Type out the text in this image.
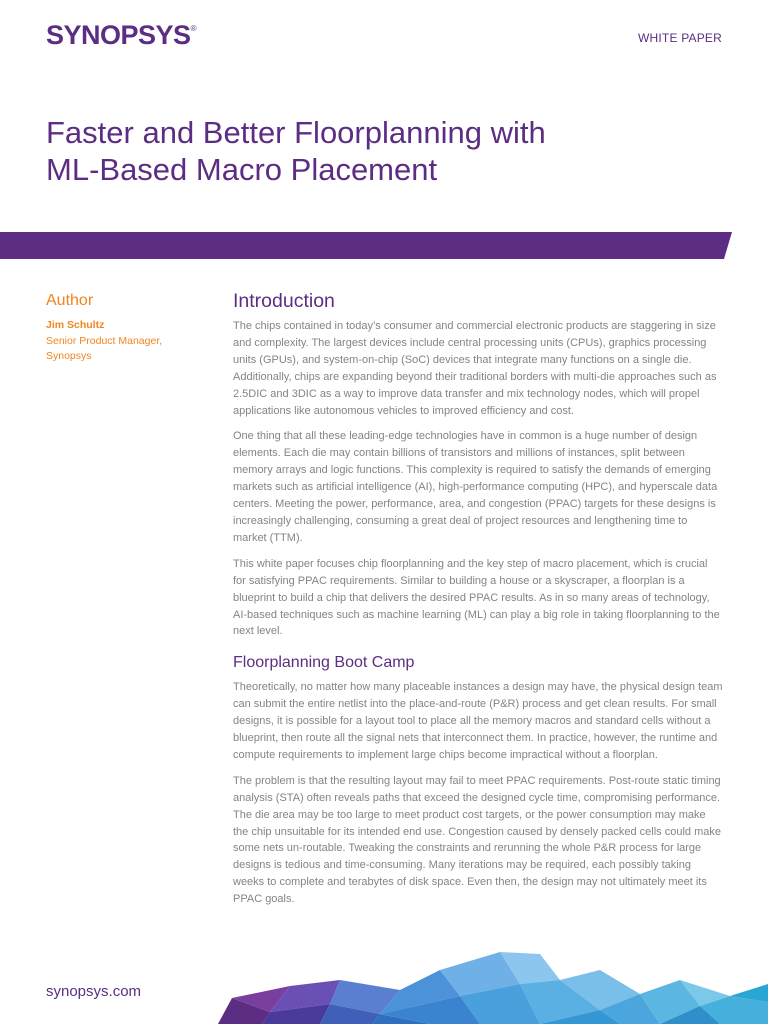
SYNOPSYS®
WHITE PAPER
Faster and Better Floorplanning with
ML-Based Macro Placement
Author
Jim Schultz
Senior Product Manager,
Synopsys
Introduction

The chips contained in today’s consumer and commercial electronic products are staggering in size and complexity. The largest devices include central processing units (CPUs), graphics processing units (GPUs), and system-on-chip (SoC) devices that integrate many functions on a single die. Additionally, chips are expanding beyond their traditional borders with multi-die approaches such as 2.5DIC and 3DIC as a way to improve data transfer and mix technology nodes, which will propel applications like autonomous vehicles to improved efficiency and cost.

One thing that all these leading-edge technologies have in common is a huge number of design elements. Each die may contain billions of transistors and millions of instances, split between memory arrays and logic functions. This complexity is required to satisfy the demands of emerging markets such as artificial intelligence (AI), high-performance computing (HPC), and hyperscale data centers. Meeting the power, performance, area, and congestion (PPAC) targets for these designs is increasingly challenging, consuming a great deal of project resources and lengthening time to market (TTM).

This white paper focuses chip floorplanning and the key step of macro placement, which is crucial for satisfying PPAC requirements. Similar to building a house or a skyscraper, a floorplan is a blueprint to build a chip that delivers the desired PPAC results. As in so many areas of technology, AI-based techniques such as machine learning (ML) can play a big role in taking floorplanning to the next level.

Floorplanning Boot Camp

Theoretically, no matter how many placeable instances a design may have, the physical design team can submit the entire netlist into the place-and-route (P&R) process and get clean results. For small designs, it is possible for a layout tool to place all the memory macros and standard cells without a blueprint, then route all the signal nets that interconnect them. In practice, however, the runtime and compute requirements to implement large chips become impractical without a floorplan.

The problem is that the resulting layout may fail to meet PPAC requirements. Post-route static timing analysis (STA) often reveals paths that exceed the designed cycle time, compromising performance. The die area may be too large to meet product cost targets, or the power consumption may make the chip unsuitable for its intended end use. Congestion caused by densely packed cells could make some nets un-routable. Tweaking the constraints and rerunning the whole P&R process for large designs is tedious and time-consuming. Many iterations may be required, each possibly taking weeks to complete and terabytes of disk space. Even then, the design may not ultimately meet its PPAC goals.

synopsys.com
